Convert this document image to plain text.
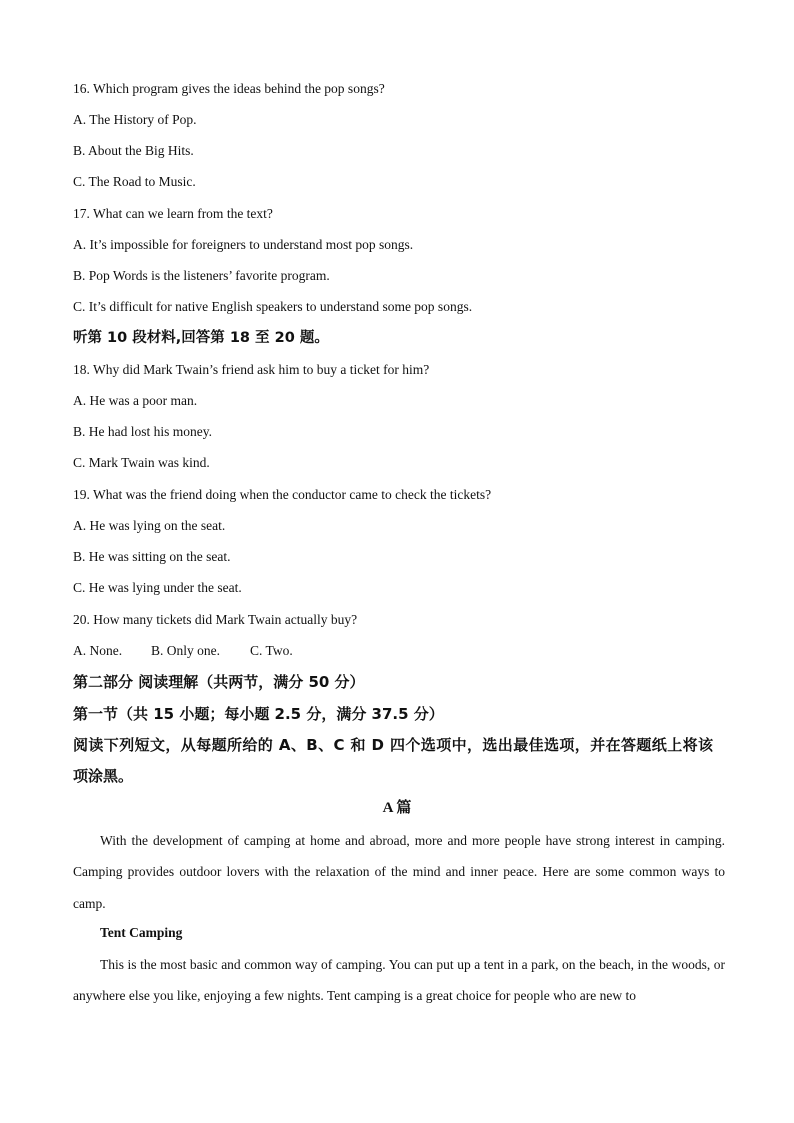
16. Which program gives the ideas behind the pop songs?

A. The History of Pop.

B. About the Big Hits.

C. The Road to Music.

17. What can we learn from the text?

A. It’s impossible for foreigners to understand most pop songs.

B. Pop Words is the listeners’ favorite program.

C. It’s difficult for native English speakers to understand some pop songs.

听第 10 段材料,回答第 18 至 20 题。

18. Why did Mark Twain’s friend ask him to buy a ticket for him?

A. He was a poor man.

B. He had lost his money.

C. Mark Twain was kind.

19. What was the friend doing when the conductor came to check the tickets?

A. He was lying on the seat.

B. He was sitting on the seat.

C. He was lying under the seat.

20. How many tickets did Mark Twain actually buy?

A. None. B. Only one. C. Two.

第二部分 阅读理解（共两节，满分 50 分）

第一节（共 15 小题；每小题 2.5 分，满分 37.5 分）

阅读下列短文，从每题所给的 A、B、C 和 D 四个选项中，选出最佳选项，并在答题纸上将该

项涂黑。

A 篇

With the development of camping at home and abroad, more and more people have strong interest in camping. Camping provides outdoor lovers with the relaxation of the mind and inner peace. Here are some common ways to camp.

Tent Camping

This is the most basic and common way of camping. You can put up a tent in a park, on the beach, in the woods, or anywhere else you like, enjoying a few nights. Tent camping is a great choice for people who are new to
